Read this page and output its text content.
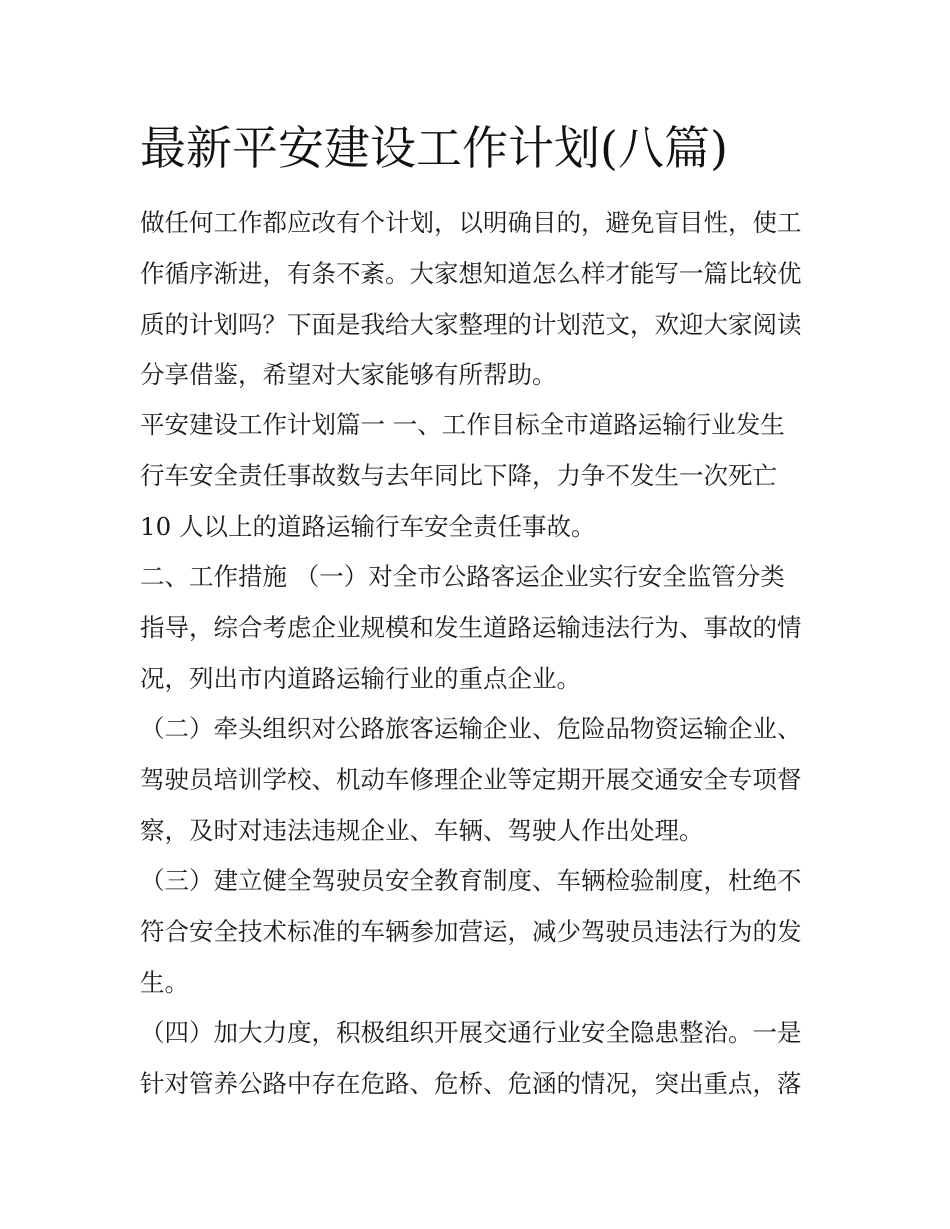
最新平安建设工作计划(八篇)

做任何工作都应改有个计划，以明确目的，避免盲目性，使工

作循序渐进，有条不紊。大家想知道怎么样才能写一篇比较优

质的计划吗？下面是我给大家整理的计划范文，欢迎大家阅读

分享借鉴，希望对大家能够有所帮助。

平安建设工作计划篇一 一、工作目标全市道路运输行业发生

行车安全责任事故数与去年同比下降，力争不发生一次死亡

10 人以上的道路运输行车安全责任事故。

二、工作措施 （一）对全市公路客运企业实行安全监管分类

指导，综合考虑企业规模和发生道路运输违法行为、事故的情

况，列出市内道路运输行业的重点企业。

（二）牵头组织对公路旅客运输企业、危险品物资运输企业、

驾驶员培训学校、机动车修理企业等定期开展交通安全专项督

察，及时对违法违规企业、车辆、驾驶人作出处理。

（三）建立健全驾驶员安全教育制度、车辆检验制度，杜绝不

符合安全技术标准的车辆参加营运，减少驾驶员违法行为的发

生。

（四）加大力度，积极组织开展交通行业安全隐患整治。一是

针对管养公路中存在危路、危桥、危涵的情况，突出重点，落
